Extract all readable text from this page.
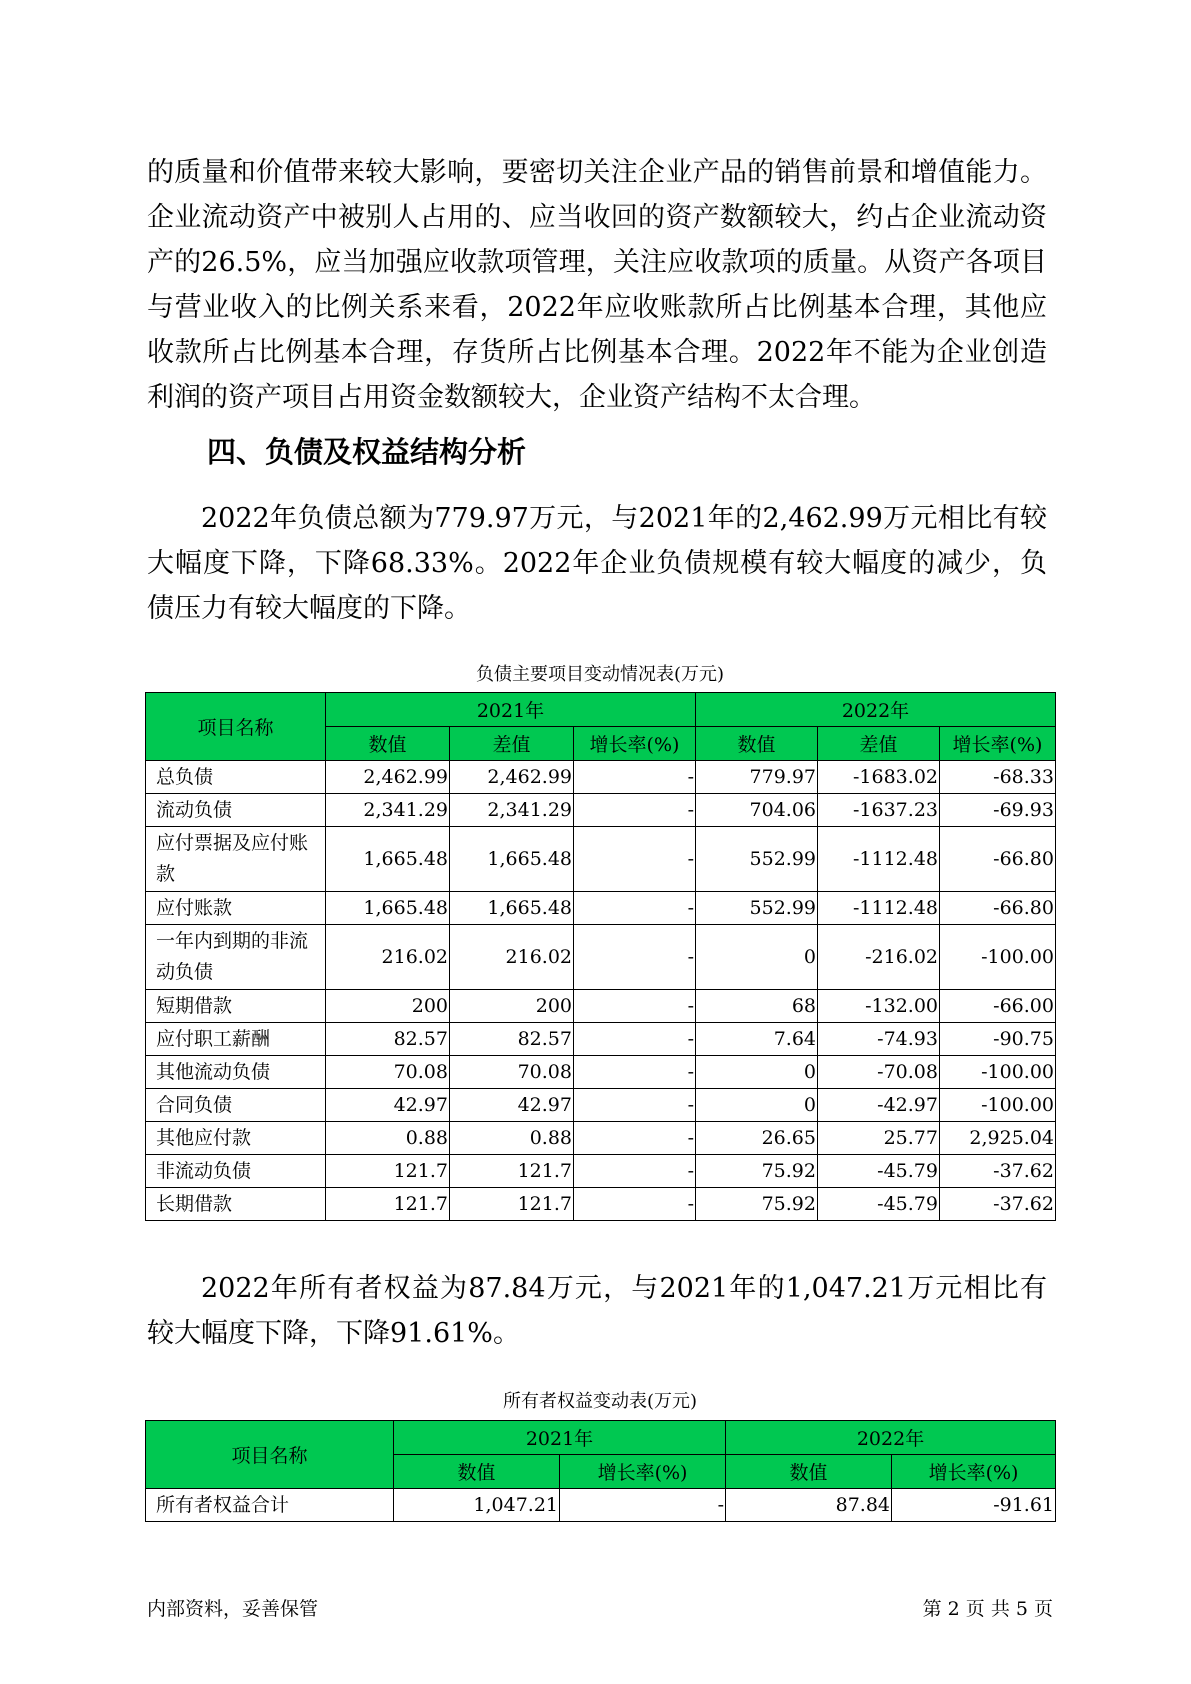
的质量和价值带来较大影响，要密切关注企业产品的销售前景和增值能力。企业流动资产中被别人占用的、应当收回的资产数额较大，约占企业流动资产的26.5%，应当加强应收款项管理，关注应收款项的质量。从资产各项目与营业收入的比例关系来看，2022年应收账款所占比例基本合理，其他应收款所占比例基本合理，存货所占比例基本合理。2022年不能为企业创造利润的资产项目占用资金数额较大，企业资产结构不太合理。

四、负债及权益结构分析

2022年负债总额为779.97万元，与2021年的2,462.99万元相比有较大幅度下降，下降68.33%。2022年企业负债规模有较大幅度的减少，负债压力有较大幅度的下降。

负债主要项目变动情况表(万元)
项目名称	2021年			2022年		
	数值	差值	增长率(%)	数值	差值	增长率(%)
总负债	2,462.99	2,462.99	-	779.97	-1683.02	-68.33
流动负债	2,341.29	2,341.29	-	704.06	-1637.23	-69.93
应付票据及应付账款	1,665.48	1,665.48	-	552.99	-1112.48	-66.80
应付账款	1,665.48	1,665.48	-	552.99	-1112.48	-66.80
一年内到期的非流动负债	216.02	216.02	-	0	-216.02	-100.00
短期借款	200	200	-	68	-132.00	-66.00
应付职工薪酬	82.57	82.57	-	7.64	-74.93	-90.75
其他流动负债	70.08	70.08	-	0	-70.08	-100.00
合同负债	42.97	42.97	-	0	-42.97	-100.00
其他应付款	0.88	0.88	-	26.65	25.77	2,925.04
非流动负债	121.7	121.7	-	75.92	-45.79	-37.62
长期借款	121.7	121.7	-	75.92	-45.79	-37.62

2022年所有者权益为87.84万元，与2021年的1,047.21万元相比有较大幅度下降，下降91.61%。

所有者权益变动表(万元)
项目名称	2021年		2022年	
	数值	增长率(%)	数值	增长率(%)
所有者权益合计	1,047.21	-	87.84	-91.61
内部资料，妥善保管	第 2 页 共 5 页
